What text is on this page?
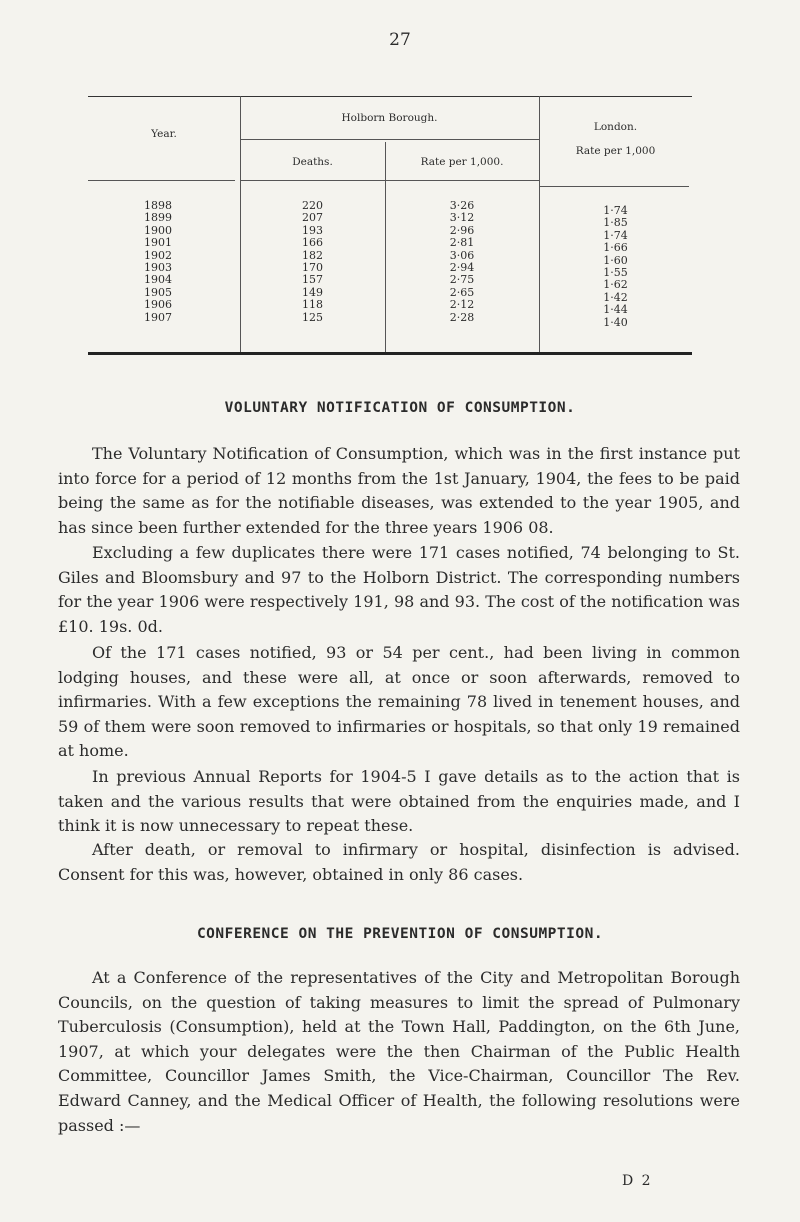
27
Year.
Holborn Borough.
Deaths.	Rate per 1,000.
London.
Rate per 1,000
1898
1899
1900
1901
1902
1903
1904
1905
1906
1907
220
207
193
166
182
170
157
149
118
125
3·26
3·12
2·96
2·81
3·06
2·94
2·75
2·65
2·12
2·28
1·74
1·85
1·74
1·66
1·60
1·55
1·62
1·42
1·44
1·40
VOLUNTARY NOTIFICATION OF CONSUMPTION.

The Voluntary Notification of Consumption, which was in the first instance put into force for a period of 12 months from the 1st January, 1904, the fees to be paid being the same as for the notifiable diseases, was extended to the year 1905, and has since been further extended for the three years 1906 08.

Excluding a few duplicates there were 171 cases notified, 74 belonging to St. Giles and Bloomsbury and 97 to the Holborn District. The corresponding numbers for the year 1906 were respectively 191, 98 and 93. The cost of the notification was £10. 19s. 0d.

Of the 171 cases notified, 93 or 54 per cent., had been living in common lodging houses, and these were all, at once or soon afterwards, removed to infirmaries. With a few exceptions the remaining 78 lived in tenement houses, and 59 of them were soon removed to infirmaries or hospitals, so that only 19 remained at home.

In previous Annual Reports for 1904-5 I gave details as to the action that is taken and the various results that were obtained from the enquiries made, and I think it is now unnecessary to repeat these.

After death, or removal to infirmary or hospital, disinfection is advised. Consent for this was, however, obtained in only 86 cases.

CONFERENCE ON THE PREVENTION OF CONSUMPTION.

At a Conference of the representatives of the City and Metropolitan Borough Councils, on the question of taking measures to limit the spread of Pulmonary Tuberculosis (Consumption), held at the Town Hall, Paddington, on the 6th June, 1907, at which your delegates were the then Chairman of the Public Health Committee, Councillor James Smith, the Vice-Chairman, Councillor The Rev. Edward Canney, and the Medical Officer of Health, the following resolutions were passed :—

D 2
